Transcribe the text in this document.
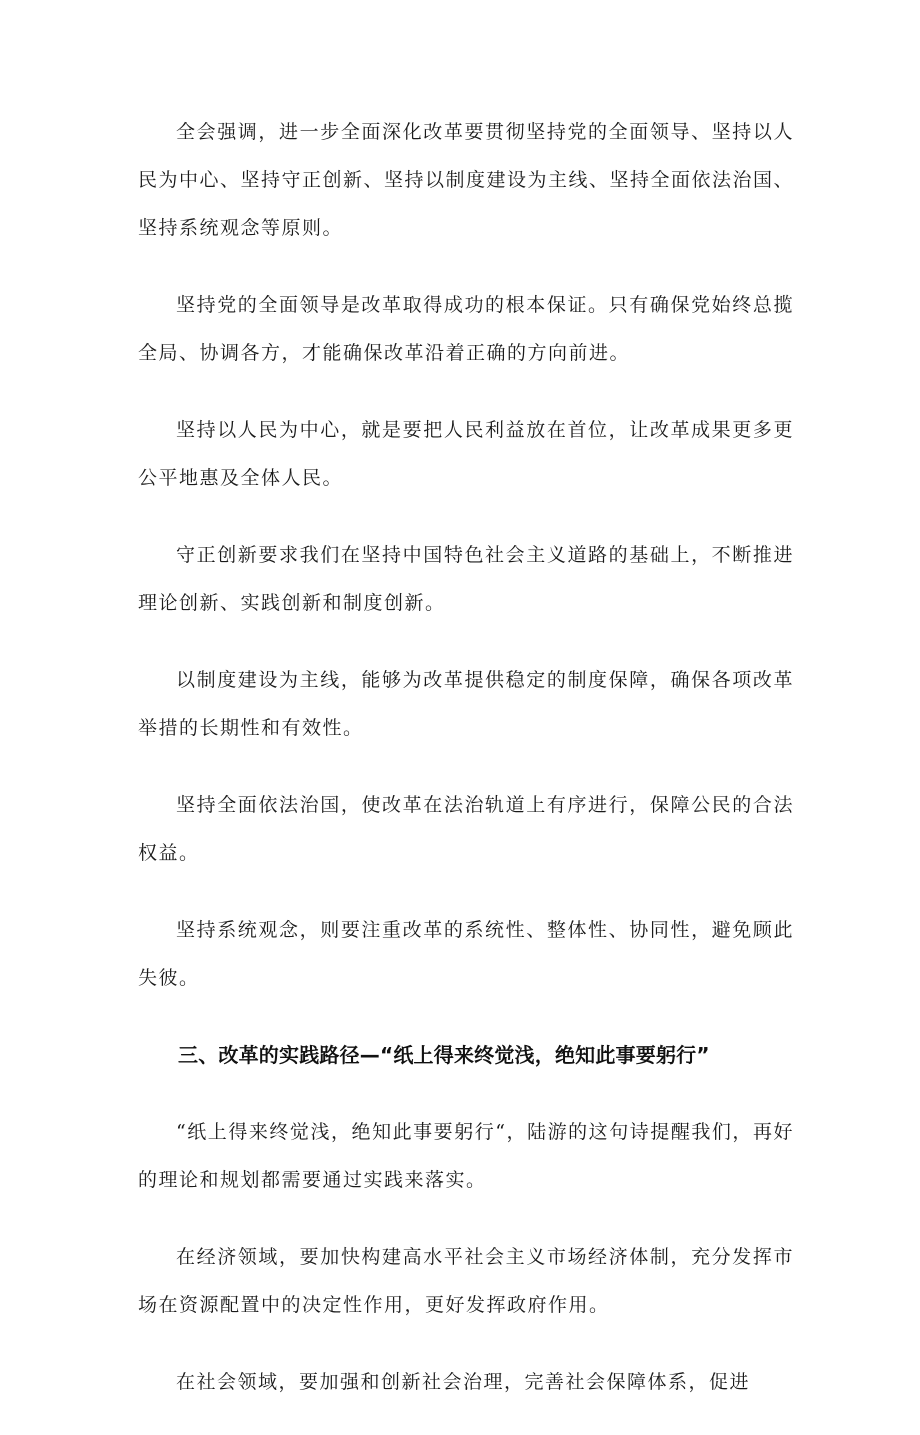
全会强调，进一步全面深化改革要贯彻坚持党的全面领导、坚持以人民为中心、坚持守正创新、坚持以制度建设为主线、坚持全面依法治国、坚持系统观念等原则。

坚持党的全面领导是改革取得成功的根本保证。只有确保党始终总揽全局、协调各方，才能确保改革沿着正确的方向前进。

坚持以人民为中心，就是要把人民利益放在首位，让改革成果更多更公平地惠及全体人民。

守正创新要求我们在坚持中国特色社会主义道路的基础上，不断推进理论创新、实践创新和制度创新。

以制度建设为主线，能够为改革提供稳定的制度保障，确保各项改革举措的长期性和有效性。

坚持全面依法治国，使改革在法治轨道上有序进行，保障公民的合法权益。

坚持系统观念，则要注重改革的系统性、整体性、协同性，避免顾此失彼。

三、改革的实践路径—“纸上得来终觉浅，绝知此事要躬行”

“纸上得来终觉浅，绝知此事要躬行“，陆游的这句诗提醒我们，再好的理论和规划都需要通过实践来落实。

在经济领域，要加快构建高水平社会主义市场经济体制，充分发挥市场在资源配置中的决定性作用，更好发挥政府作用。

在社会领域，要加强和创新社会治理，完善社会保障体系，促进
